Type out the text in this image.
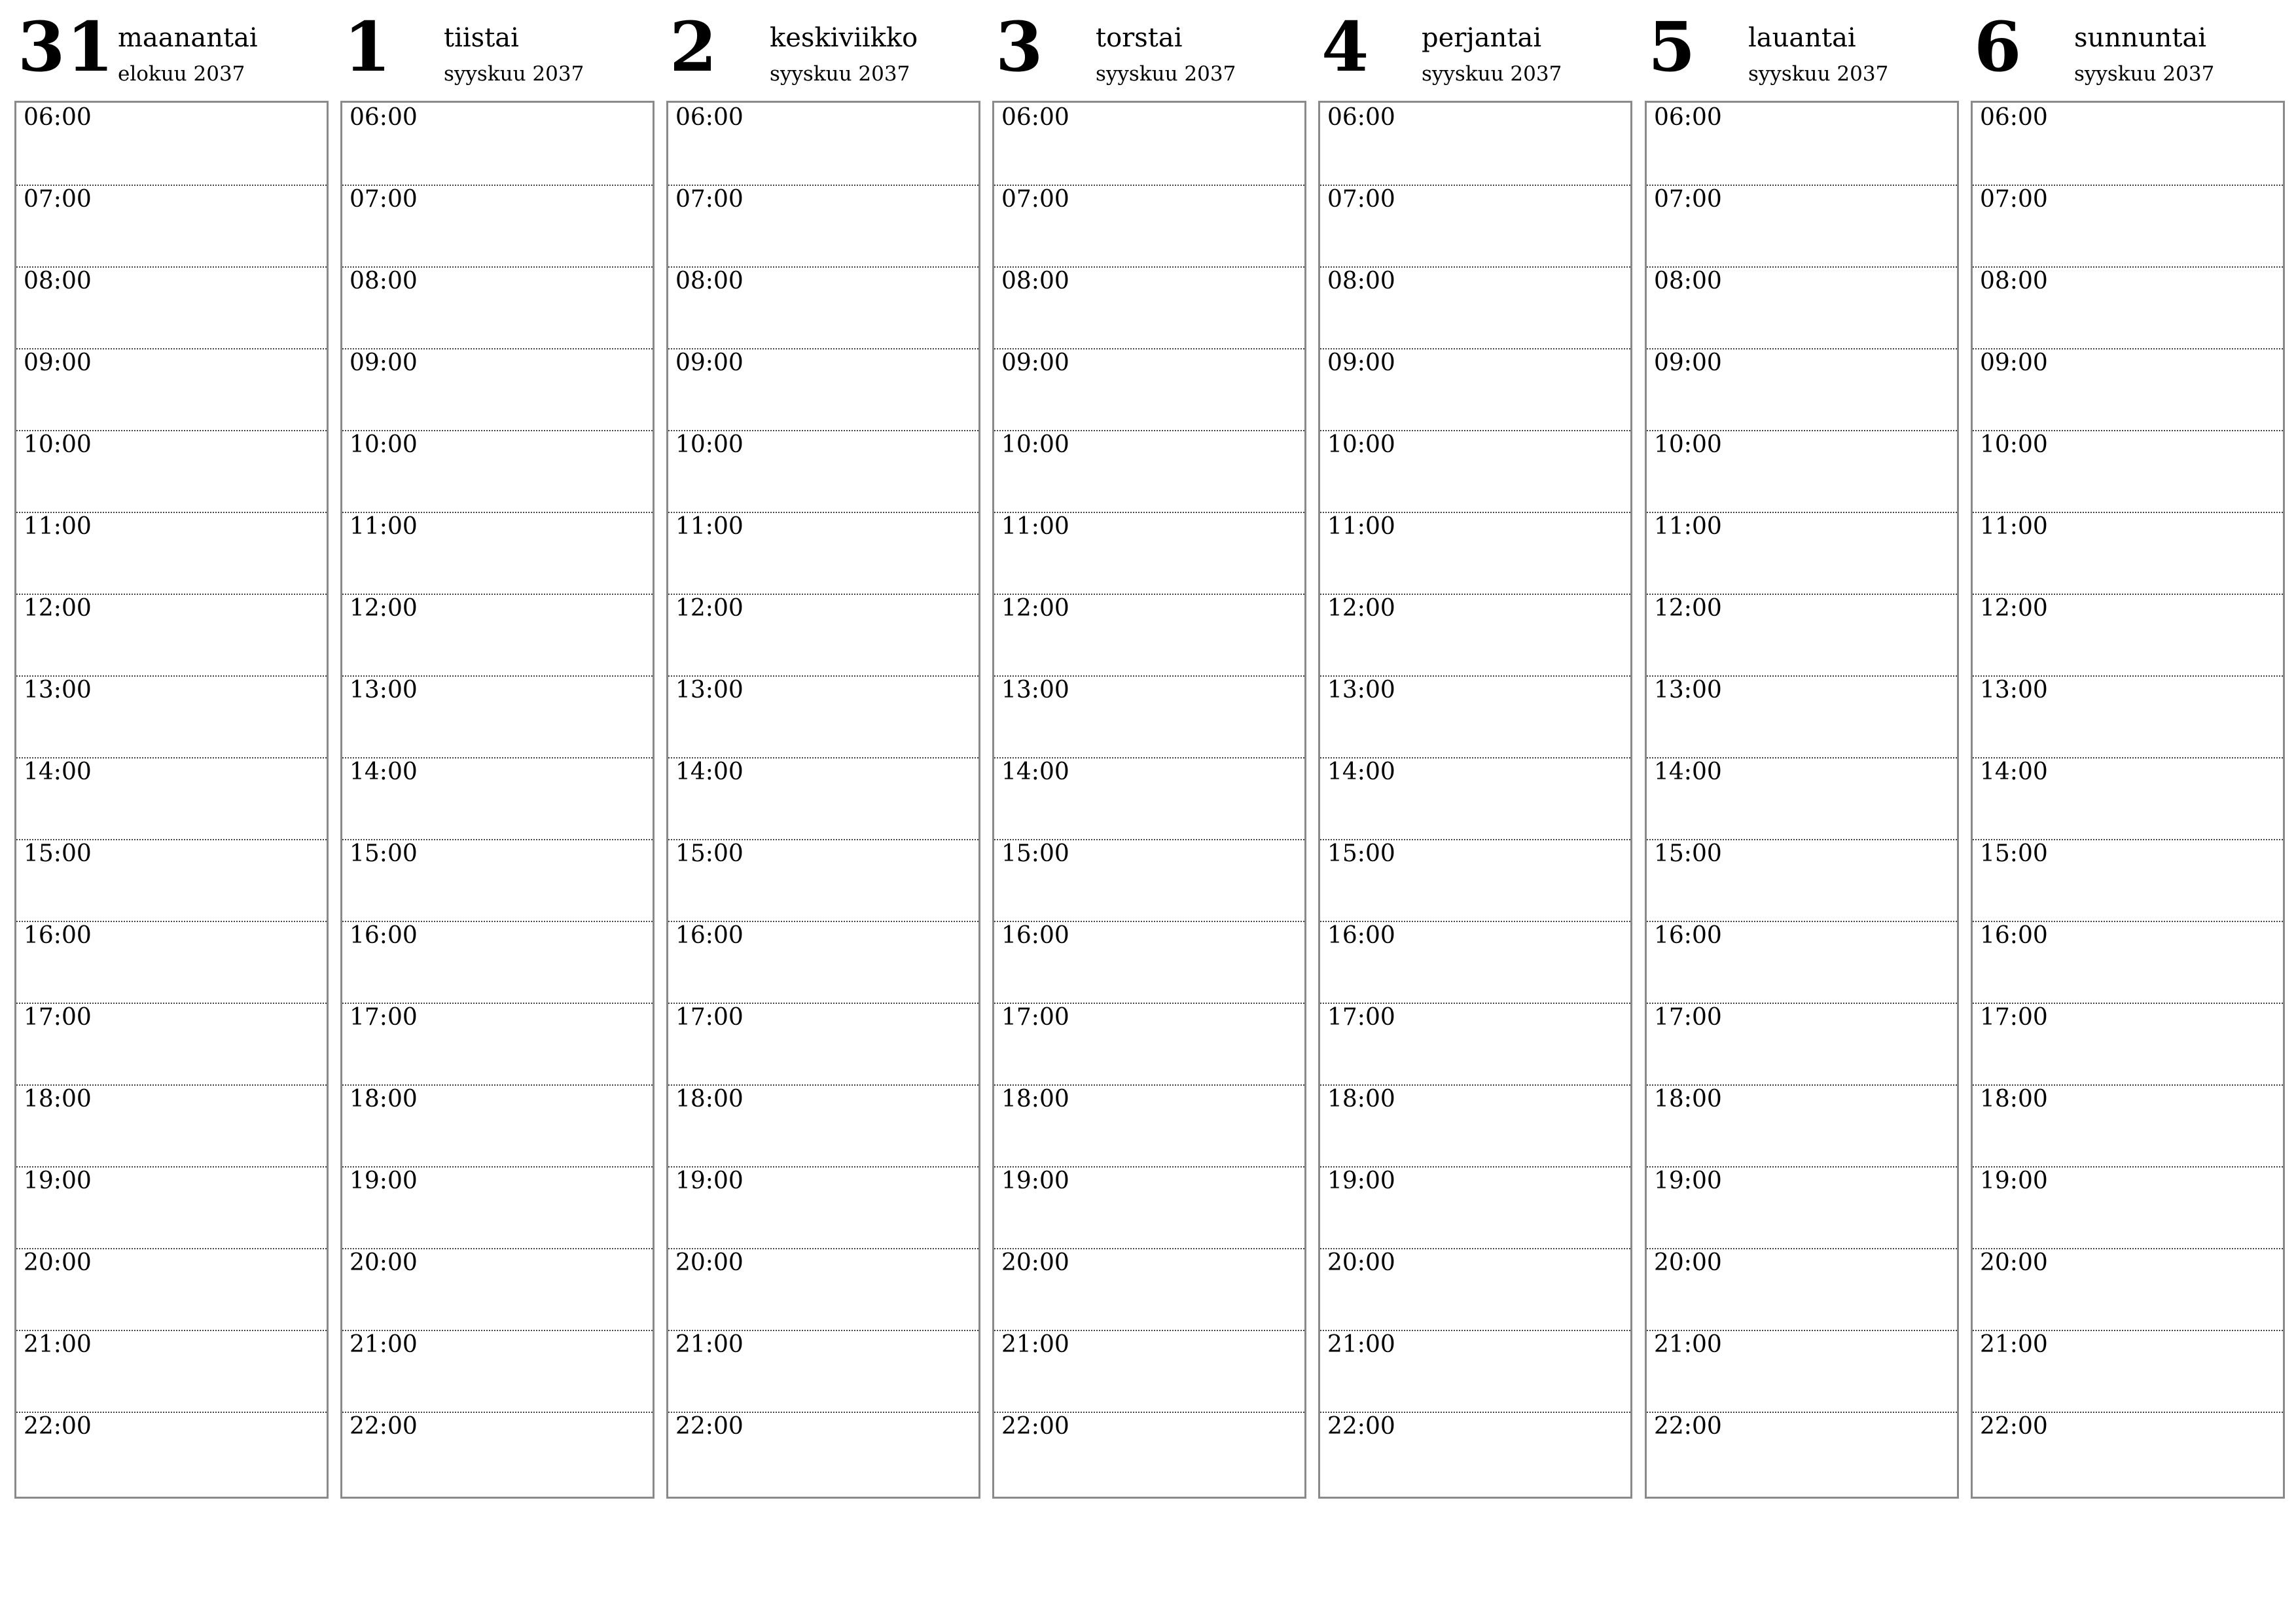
31 maanantai
elokuu 2037
06:00
07:00
08:00
09:00
10:00
11:00
12:00
13:00
14:00
15:00
16:00
17:00
18:00
19:00
20:00
21:00
22:00
1 tiistai
syyskuu 2037
06:00
07:00
08:00
09:00
10:00
11:00
12:00
13:00
14:00
15:00
16:00
17:00
18:00
19:00
20:00
21:00
22:00
2 keskiviikko
syyskuu 2037
06:00
07:00
08:00
09:00
10:00
11:00
12:00
13:00
14:00
15:00
16:00
17:00
18:00
19:00
20:00
21:00
22:00
3 torstai
syyskuu 2037
06:00
07:00
08:00
09:00
10:00
11:00
12:00
13:00
14:00
15:00
16:00
17:00
18:00
19:00
20:00
21:00
22:00
4 perjantai
syyskuu 2037
06:00
07:00
08:00
09:00
10:00
11:00
12:00
13:00
14:00
15:00
16:00
17:00
18:00
19:00
20:00
21:00
22:00
5 lauantai
syyskuu 2037
06:00
07:00
08:00
09:00
10:00
11:00
12:00
13:00
14:00
15:00
16:00
17:00
18:00
19:00
20:00
21:00
22:00
6 sunnuntai
syyskuu 2037
06:00
07:00
08:00
09:00
10:00
11:00
12:00
13:00
14:00
15:00
16:00
17:00
18:00
19:00
20:00
21:00
22:00
